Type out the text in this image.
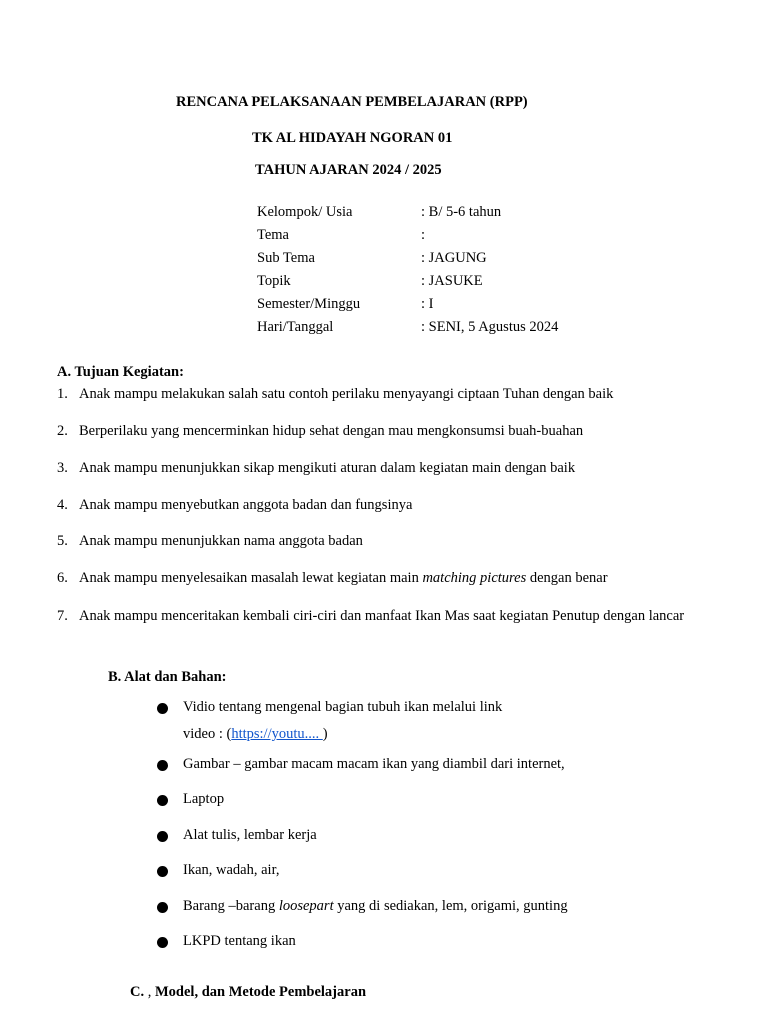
RENCANA PELAKSANAAN PEMBELAJARAN (RPP)
TK AL HIDAYAH NGORAN 01
TAHUN AJARAN 2024 / 2025
Kelompok/ Usia	: B/ 5-6 tahun
Tema	:
Sub Tema	: JAGUNG
Topik	: JASUKE
Semester/Minggu	: I
Hari/Tanggal	: SENI, 5 Agustus 2024
A. Tujuan Kegiatan:
1. Anak mampu melakukan salah satu contoh perilaku menyayangi ciptaan Tuhan dengan baik
2. Berperilaku yang mencerminkan hidup sehat dengan mau mengkonsumsi buah-buahan
3. Anak mampu menunjukkan sikap mengikuti aturan dalam kegiatan main dengan baik
4. Anak mampu menyebutkan anggota badan dan fungsinya
5. Anak mampu menunjukkan nama anggota badan
6. Anak mampu menyelesaikan masalah lewat kegiatan main matching pictures dengan benar
7. Anak mampu menceritakan kembali ciri-ciri dan manfaat Ikan Mas saat kegiatan Penutup dengan lancar
B. Alat dan Bahan:
Vidio tentang mengenal bagian tubuh ikan melalui link
video : (https://youtu.... )
Gambar – gambar macam macam ikan yang diambil dari internet,
Laptop
Alat tulis, lembar kerja
Ikan, wadah, air,
Barang –barang loosepart yang di sediakan, lem, origami, gunting
LKPD tentang ikan
C. , Model, dan Metode Pembelajaran
